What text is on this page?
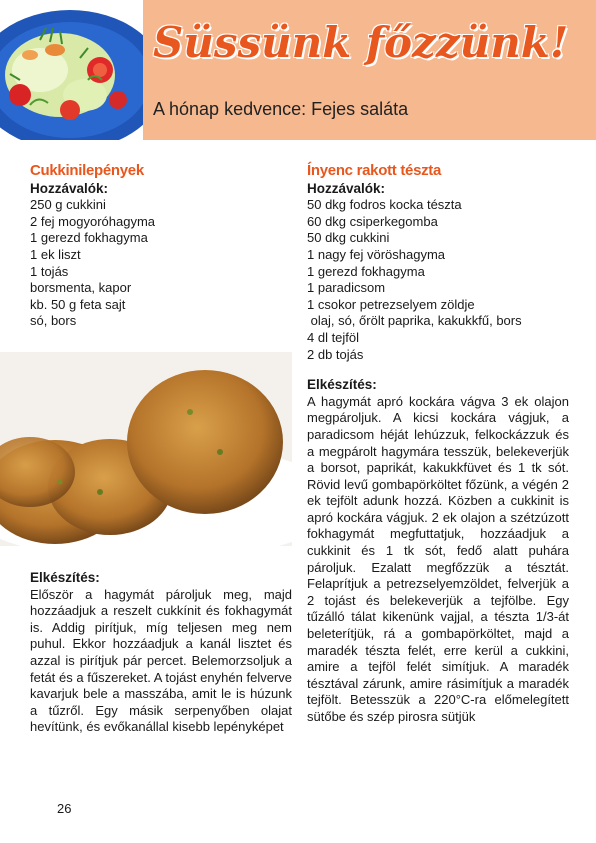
Süssünk főzzünk!
A hónap kedvence: Fejes saláta
Cukkinilepények
Hozzávalók:
250 g cukkini
2 fej mogyoróhagyma
1 gerezd fokhagyma
1 ek liszt
1 tojás
borsmenta, kapor
kb. 50 g feta sajt
só, bors
Elkészítés:

Először a hagymát pároljuk meg, majd hozzáadjuk a reszelt cukkínit és fokhagymát is. Addig pirítjuk, míg teljesen meg nem puhul. Ekkor hozzáadjuk a kanál lisztet és azzal is pirítjuk pár percet. Belemorzsoljuk a fetát és a fűszereket. A tojást enyhén felverve kavarjuk bele a masszába, amit le is húzunk a tűzről. Egy másik serpenyőben olajat hevítünk, és evőkanállal kisebb lepényképet

Ínyenc rakott tészta
Hozzávalók:
50 dkg fodros kocka tészta
60 dkg csiperkegomba
50 dkg cukkini
1 nagy fej vöröshagyma
1 gerezd fokhagyma
1 paradicsom
1 csokor petrezselyem zöldje
olaj, só, őrölt paprika, kakukkfű, bors
4 dl tejföl
2 db tojás
Elkészítés:

A hagymát apró kockára vágva 3 ek olajon megpároljuk. A kicsi kockára vágjuk, a paradicsom héját lehúzzuk, felkockázzuk és a megpárolt hagymára tesszük, belekeverjük a borsot, paprikát, kakukkfüvet és 1 tk sót. Rövid levű gombapörköltet főzünk, a végén 2 ek tejfölt adunk hozzá. Közben a cukkinit is apró kockára vágjuk. 2 ek olajon a szétzúzott fokhagymát megfuttatjuk, hozzáadjuk a cukkinit és 1 tk sót, fedő alatt puhára pároljuk. Ezalatt megfőzzük a tésztát. Felaprítjuk a petrezselyemzöldet, felverjük a 2 tojást és belekeverjük a tejfölbe. Egy tűzálló tálat kikenünk vajjal, a tészta 1/3-át beleterítjük, rá a gombapörköltet, majd a maradék tészta felét, erre kerül a cukkini, amire a tejföl felét simítjuk. A maradék tésztával zárunk, amire rásimítjuk a maradék tejfölt. Betesszük a 220°C-ra előmelegített sütőbe és szép pirosra sütjük

26
